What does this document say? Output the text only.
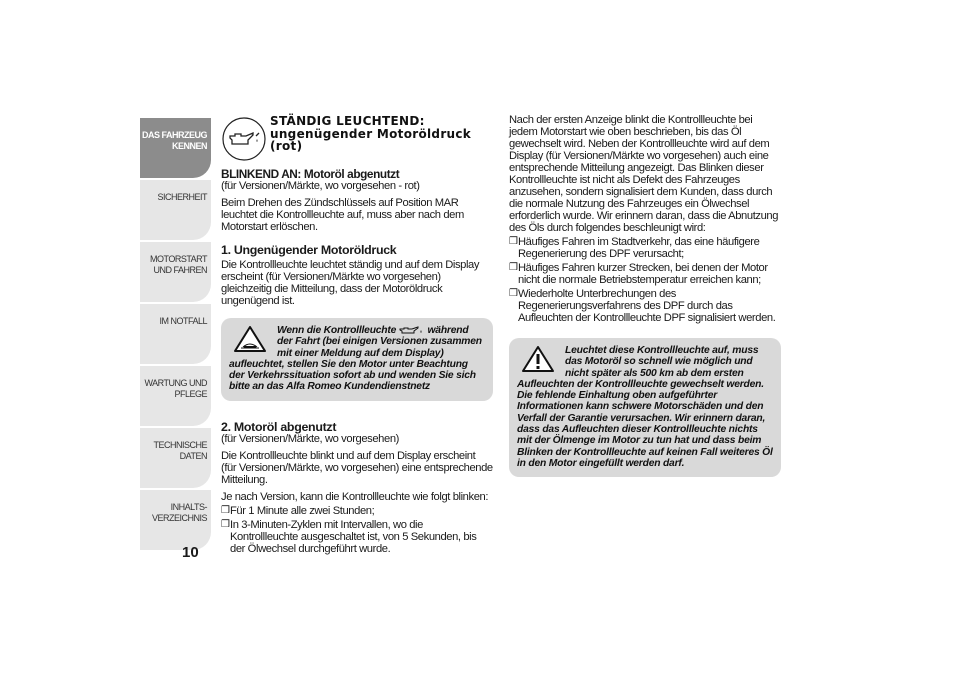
DAS FAHRZEUG KENNEN
SICHERHEIT
MOTORSTART UND FAHREN
IM NOTFALL
WARTUNG UND PFLEGE
TECHNISCHE DATEN
INHALTS-VERZEICHNIS
10
STÄNDIG LEUCHTEND: ungenügender Motoröldruck (rot)

BLINKEND AN: Motoröl abgenutzt

(für Versionen/Märkte, wo vorgesehen - rot)

Beim Drehen des Zündschlüssels auf Position MAR leuchtet die Kontrollleuchte auf, muss aber nach dem Motorstart erlöschen.

1. Ungenügender Motoröldruck

Die Kontrollleuchte leuchtet ständig und auf dem Display erscheint (für Versionen/Märkte wo vorgesehen) gleichzeitig die Mitteilung, dass der Motoröldruck ungenügend ist.

Wenn die Kontrollleuchte	während der Fahrt (bei einigen Versionen zusammen mit einer Meldung auf dem Display) aufleuchtet, stellen Sie den Motor unter Beachtung der Verkehrssituation sofort ab und wenden Sie sich bitte an das Alfa Romeo Kundendienstnetz

2. Motoröl abgenutzt

(für Versionen/Märkte, wo vorgesehen)

Die Kontrollleuchte blinkt und auf dem Display erscheint (für Versionen/Märkte, wo vorgesehen) eine entsprechende Mitteilung.

Je nach Version, kann die Kontrollleuchte wie folgt blinken:

❒ Für 1 Minute alle zwei Stunden;
❒ In 3-Minuten-Zyklen mit Intervallen, wo die Kontrollleuchte ausgeschaltet ist, von 5 Sekunden, bis der Ölwechsel durchgeführt wurde.

Nach der ersten Anzeige blinkt die Kontrollleuchte bei jedem Motorstart wie oben beschrieben, bis das Öl gewechselt wird. Neben der Kontrollleuchte wird auf dem Display (für Versionen/Märkte wo vorgesehen) auch eine entsprechende Mitteilung angezeigt. Das Blinken dieser Kontrollleuchte ist nicht als Defekt des Fahrzeuges anzusehen, sondern signalisiert dem Kunden, dass durch die normale Nutzung des Fahrzeuges ein Ölwechsel erforderlich wurde. Wir erinnern daran, dass die Abnutzung des Öls durch folgendes beschleunigt wird:

❒ Häufiges Fahren im Stadtverkehr, das eine häufigere Regenerierung des DPF verursacht;
❒ Häufiges Fahren kurzer Strecken, bei denen der Motor nicht die normale Betriebstemperatur erreichen kann;
❒ Wiederholte Unterbrechungen des Regenerierungsverfahrens des DPF durch das Aufleuchten der Kontrollleuchte DPF signalisiert werden.
Leuchtet diese Kontrollleuchte auf, muss das Motoröl so schnell wie möglich und nicht später als 500 km ab dem ersten Aufleuchten der Kontrollleuchte gewechselt werden. Die fehlende Einhaltung oben aufgeführter Informationen kann schwere Motorschäden und den Verfall der Garantie verursachen. Wir erinnern daran, dass das Aufleuchten dieser Kontrollleuchte nichts mit der Ölmenge im Motor zu tun hat und dass beim Blinken der Kontrollleuchte auf keinen Fall weiteres Öl in den Motor eingefüllt werden darf.
